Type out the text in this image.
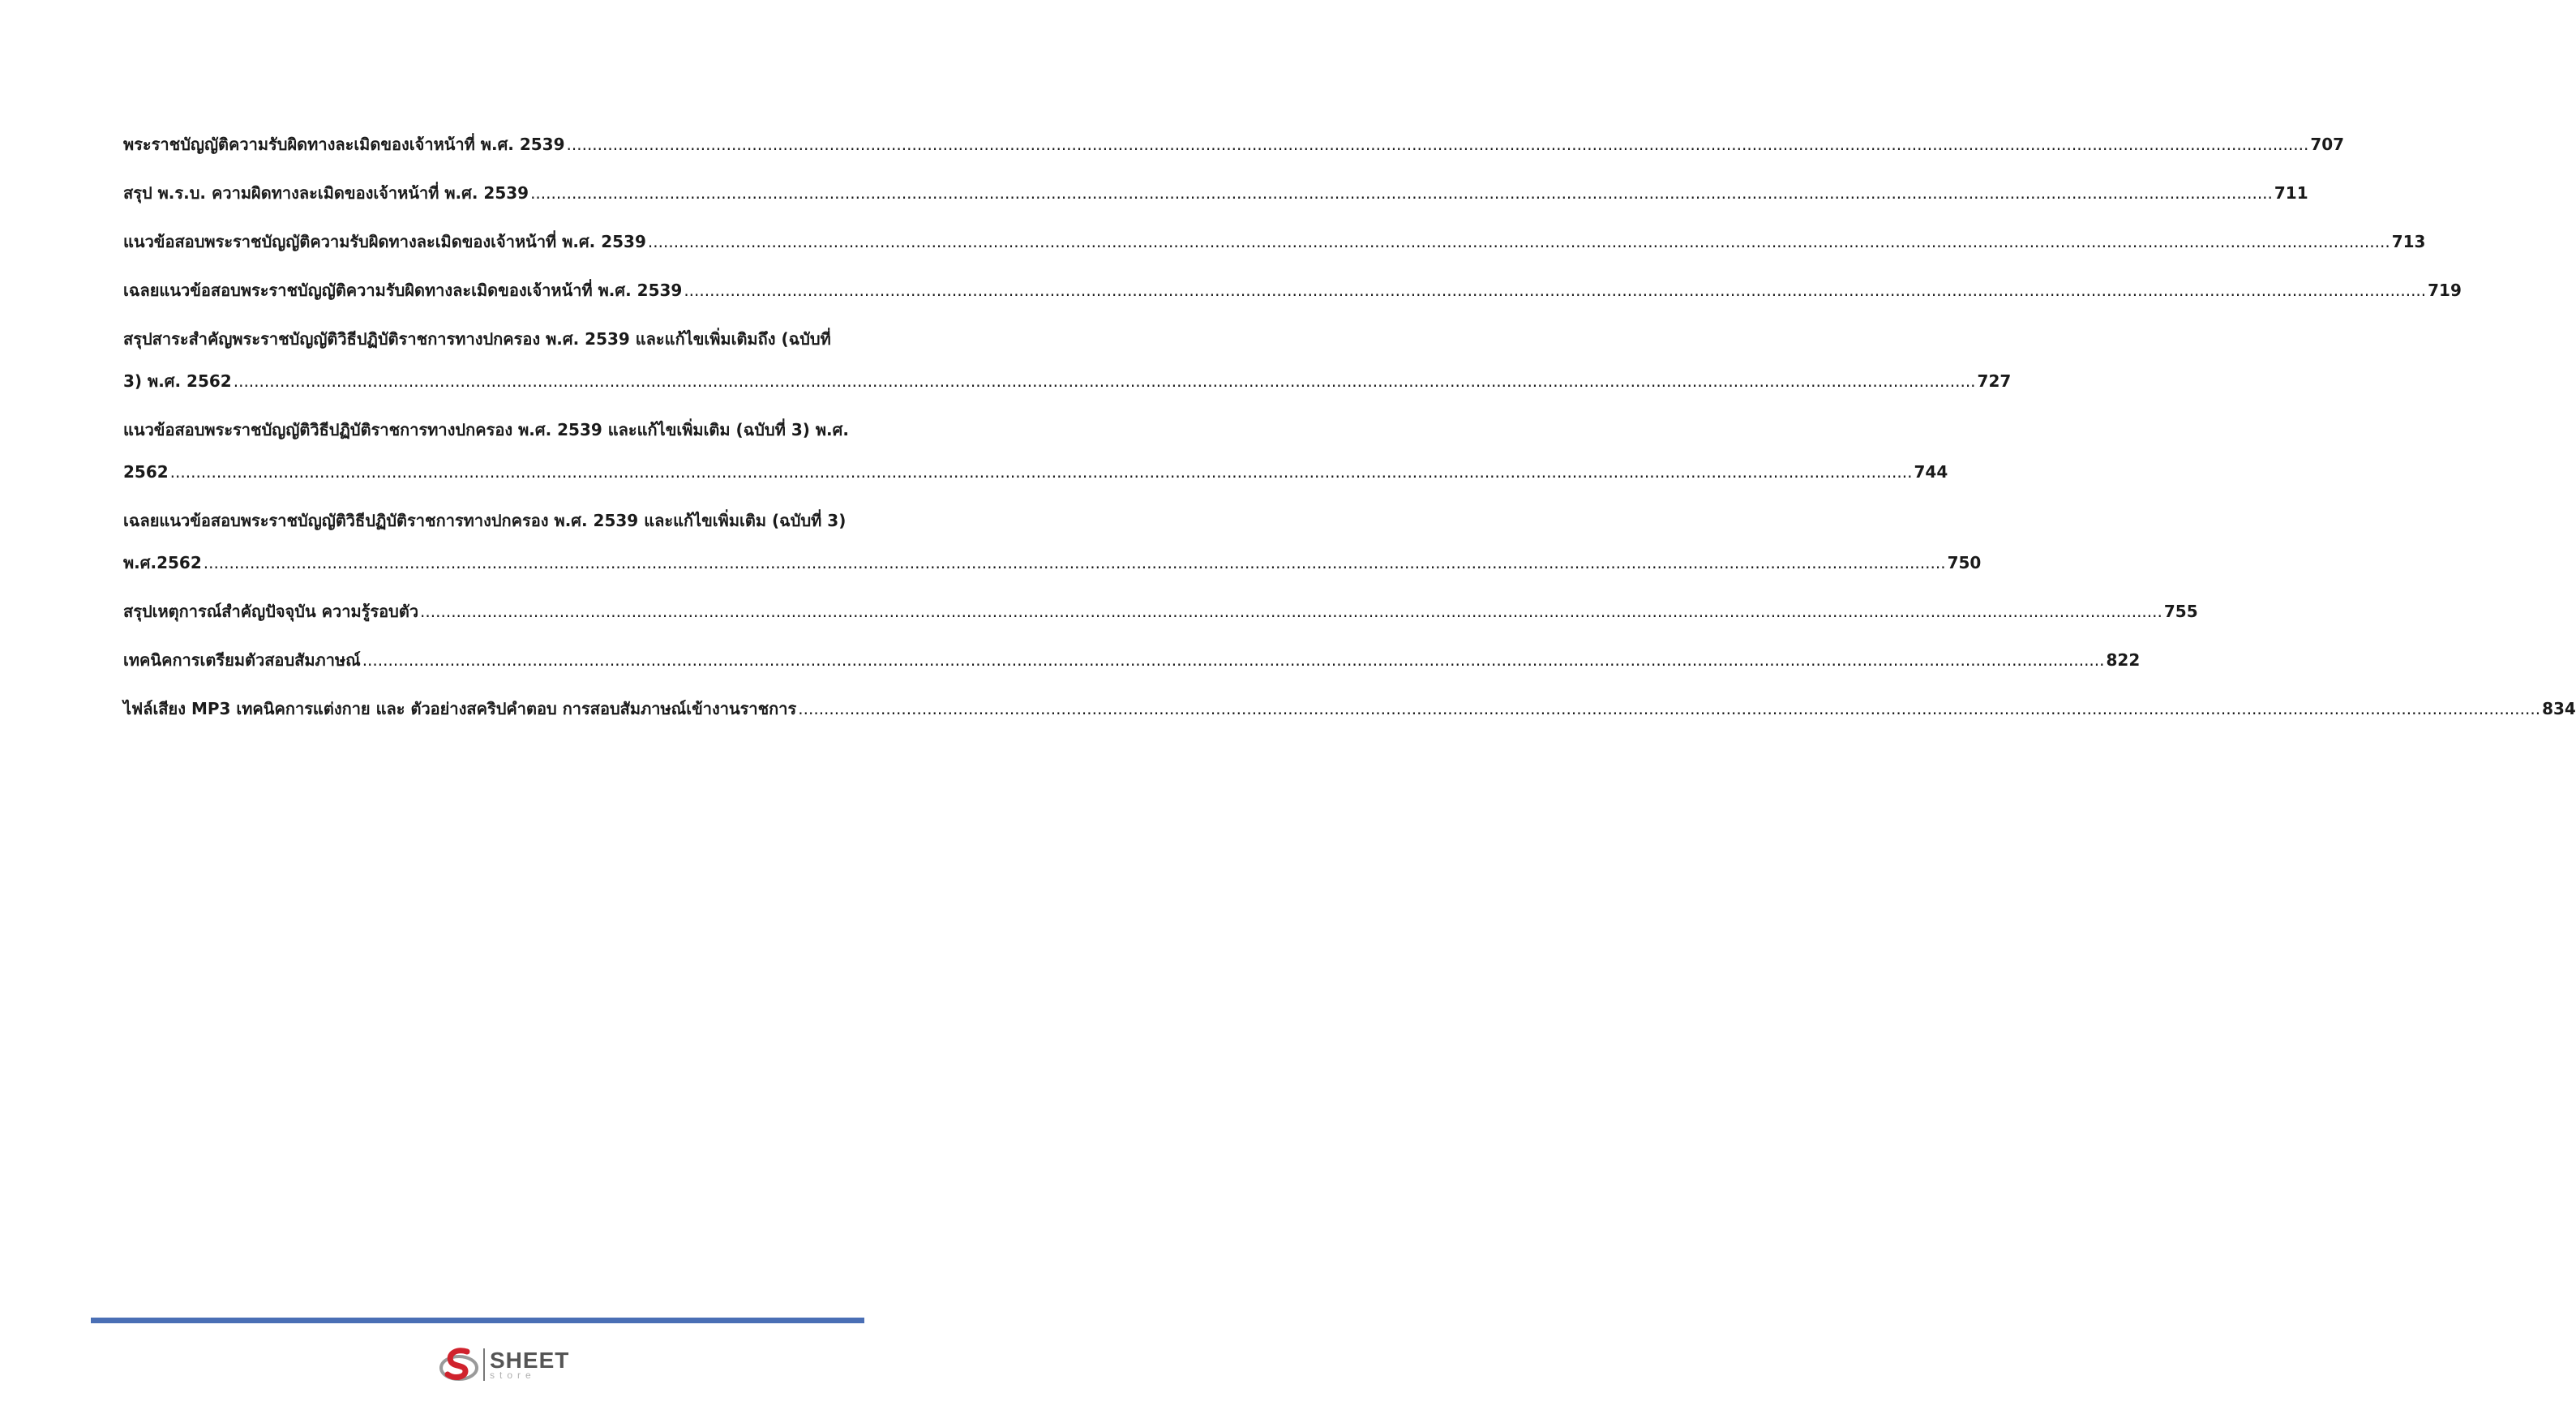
พระราชบัญญัติความรับผิดทางละเมิดของเจ้าหน้าที่ พ.ศ. 2539 .....	707
สรุป พ.ร.บ. ความผิดทางละเมิดของเจ้าหน้าที่ พ.ศ. 2539 .....	711
แนวข้อสอบพระราชบัญญัติความรับผิดทางละเมิดของเจ้าหน้าที่ พ.ศ. 2539 .....	713
เฉลยแนวข้อสอบพระราชบัญญัติความรับผิดทางละเมิดของเจ้าหน้าที่ พ.ศ. 2539 .....	719
สรุปสาระสำคัญพระราชบัญญัติวิธีปฏิบัติราชการทางปกครอง พ.ศ. 2539 และแก้ไขเพิ่มเติมถึง (ฉบับที่
3) พ.ศ. 2562 .....	727
แนวข้อสอบพระราชบัญญัติวิธีปฏิบัติราชการทางปกครอง พ.ศ. 2539 และแก้ไขเพิ่มเติม (ฉบับที่ 3) พ.ศ.
2562 .....	744
เฉลยแนวข้อสอบพระราชบัญญัติวิธีปฏิบัติราชการทางปกครอง พ.ศ. 2539 และแก้ไขเพิ่มเติม (ฉบับที่ 3)
พ.ศ.2562 .....	750
สรุปเหตุการณ์สำคัญปัจจุบัน ความรู้รอบตัว .....	755
เทคนิคการเตรียมตัวสอบสัมภาษณ์ .....	822
ไฟล์เสียง MP3 เทคนิคการแต่งกาย และ ตัวอย่างสคริปคำตอบ การสอบสัมภาษณ์เข้างานราชการ .....	834
SHEET
store
